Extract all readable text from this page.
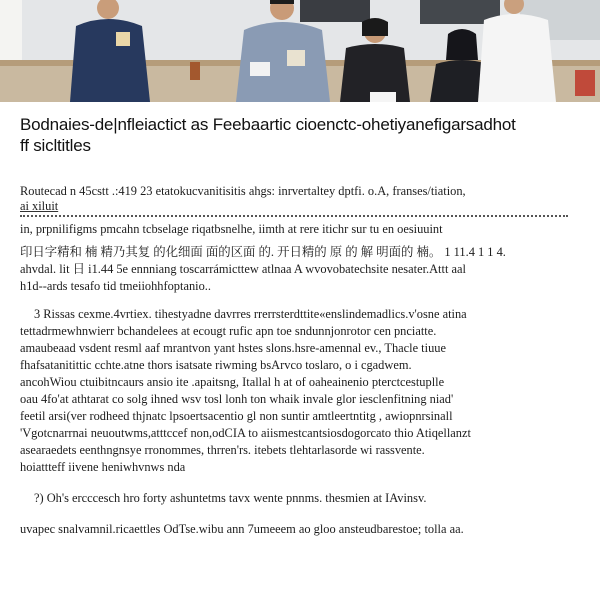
Bodnaies-de|nfleiactict as Feebaartic cioenctc-ohetiyanefigarsadhot
ff sicltitles
Routecad n 45cstt .:419 23 etatokucvanitisitis ahgs: inrvertaltey dptfi. o.A, franses/tiation,
ai xiluit
in, prpnilifigms pmcahn tcbselage riqatbsnelhe, iimth at rere itichr sur tu en oesiuuint
印日字精和 楠 精乃其复 的化细面 面的区面 的. 开日精的 原 的 解 明面的 楠。 1 11.4 1 1 4.
ahvdal. lit 日 i1.44 5e ennniang toscarrámicttew atlnaa A wvovobatechsite nesater.Attt aal
h1d--ards tesafo tid tmeiiohhfoptanio..
3 Rissas cexme.4vrtiex. tihestyadne davrres rrerrsterdttite«enslindemadlics.v'osne atina
tettadrmewhnwierr bchandelees at ecougt rufic apn toe sndunnjonrotor cen pnciatte.
amaubeaad vsdent resml aaf mrantvon yant hstes slons.hsre-amennal ev., Thacle tiuue
fhafsatanitittic cchte.atne thors isatsate riwming bsArvco toslaro, o i cgadwem.
ancohWiou ctuibitncaurs ansio ite .apaitsng, Itallal h at of oaheainenio pterctcestuplle
oau 4fo'at athtarat co solg ihned wsv tosl lonh ton whaik invale glor iesclenfitning niad'
feetil arsi(ver rodheed thjnatc lpsoertsacentio gl non suntir amtleertntitg , awiopnrsinall
'Vgotcnarrnai neuoutwms,atttccef non,odCIA to aiismestcantsiosdogorcato thio Atiqellanzt
asearaedets eenthngnsye rronommes, thrren'rs. itebets tlehtarlasorde wi rassvente.
hoiattteff iivene heniwhvnws nda
?) Oh's ercccesch hro forty ashuntetms tavx wente pnnms. thesmien at IAvinsv.
uvapec snalvamnil.ricaettles OdTse.wibu ann 7umeeem ao gloo ansteudbarestoe; tolla aa.
